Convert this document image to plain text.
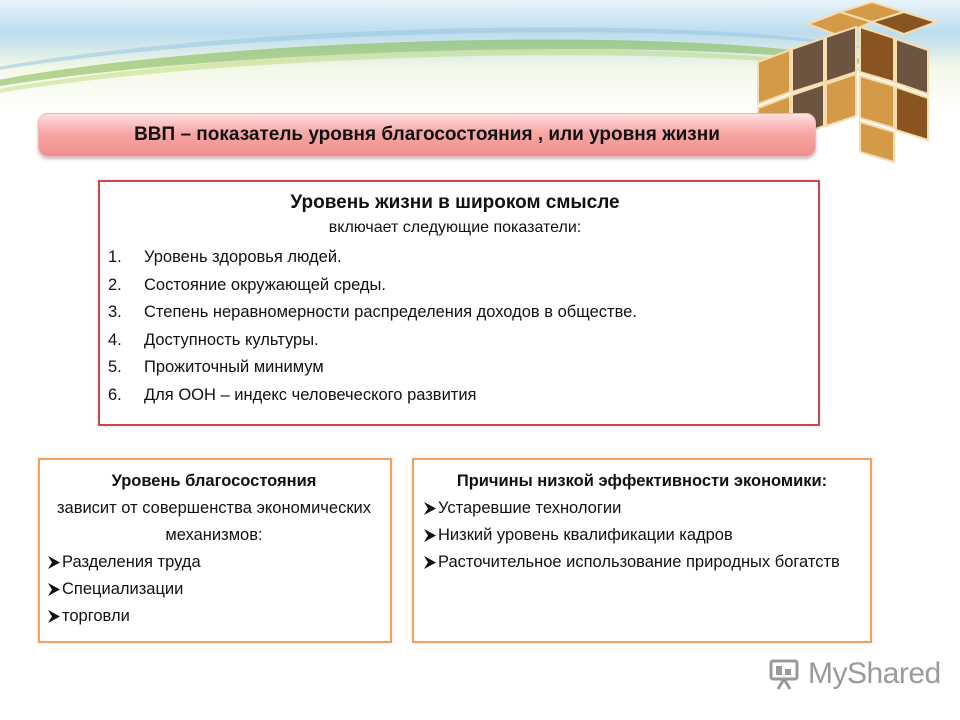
ВВП – показатель уровня благосостояния , или уровня жизни
Уровень жизни в широком смысле
включает следующие показатели:
1.	Уровень здоровья людей.
2.	Состояние окружающей среды.
3.	Степень неравномерности распределения доходов в обществе.
4.	Доступность культуры.
5.	Прожиточный минимум
6.	Для ООН – индекс человеческого развития
Уровень благосостояния
зависит от совершенства экономических механизмов:
Разделения труда
Специализации
торговли
Причины низкой эффективности экономики:
Устаревшие технологии
Низкий уровень квалификации кадров
Расточительное использование природных богатств
MyShared
